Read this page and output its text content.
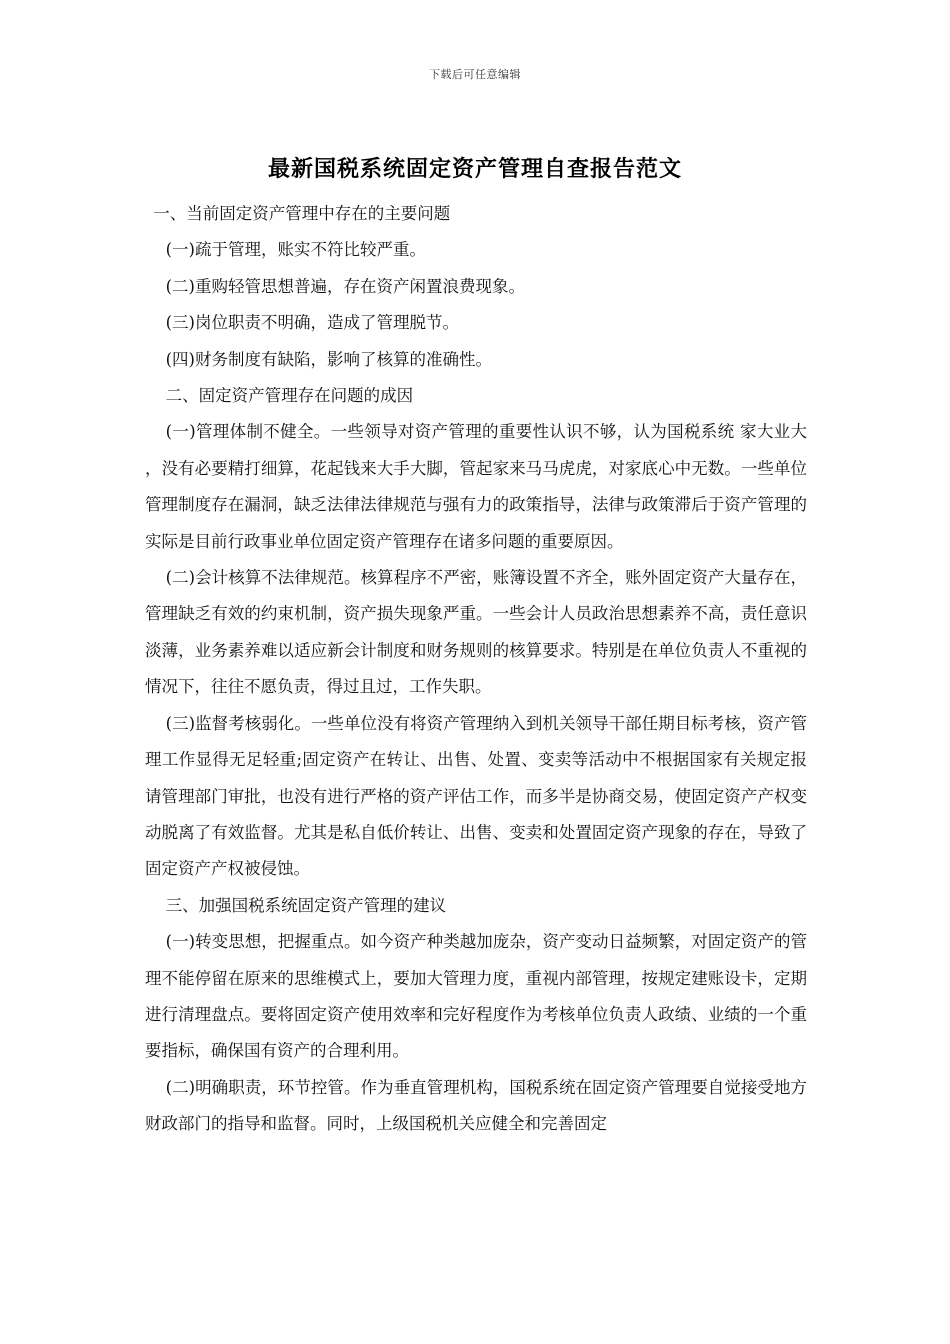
下载后可任意编辑
最新国税系统固定资产管理自查报告范文

一、当前固定资产管理中存在的主要问题

(一)疏于管理，账实不符比较严重。

(二)重购轻管思想普遍，存在资产闲置浪费现象。

(三)岗位职责不明确，造成了管理脱节。

(四)财务制度有缺陷，影响了核算的准确性。

二、固定资产管理存在问题的成因

(一)管理体制不健全。一些领导对资产管理的重要性认识不够，认为国税系统 家大业大 ，没有必要精打细算，花起钱来大手大脚，管起家来马马虎虎，对家底心中无数。一些单位管理制度存在漏洞，缺乏法律法律规范与强有力的政策指导，法律与政策滞后于资产管理的实际是目前行政事业单位固定资产管理存在诸多问题的重要原因。

(二)会计核算不法律规范。核算程序不严密，账簿设置不齐全，账外固定资产大量存在，管理缺乏有效的约束机制，资产损失现象严重。一些会计人员政治思想素养不高，责任意识淡薄，业务素养难以适应新会计制度和财务规则的核算要求。特别是在单位负责人不重视的情况下，往往不愿负责，得过且过，工作失职。

(三)监督考核弱化。一些单位没有将资产管理纳入到机关领导干部任期目标考核，资产管理工作显得无足轻重;固定资产在转让、出售、处置、变卖等活动中不根据国家有关规定报请管理部门审批，也没有进行严格的资产评估工作，而多半是协商交易，使固定资产产权变动脱离了有效监督。尤其是私自低价转让、出售、变卖和处置固定资产现象的存在，导致了固定资产产权被侵蚀。

三、加强国税系统固定资产管理的建议

(一)转变思想，把握重点。如今资产种类越加庞杂，资产变动日益频繁，对固定资产的管理不能停留在原来的思维模式上，要加大管理力度，重视内部管理，按规定建账设卡，定期进行清理盘点。要将固定资产使用效率和完好程度作为考核单位负责人政绩、业绩的一个重要指标，确保国有资产的合理利用。

(二)明确职责，环节控管。作为垂直管理机构，国税系统在固定资产管理要自觉接受地方财政部门的指导和监督。同时，上级国税机关应健全和完善固定
